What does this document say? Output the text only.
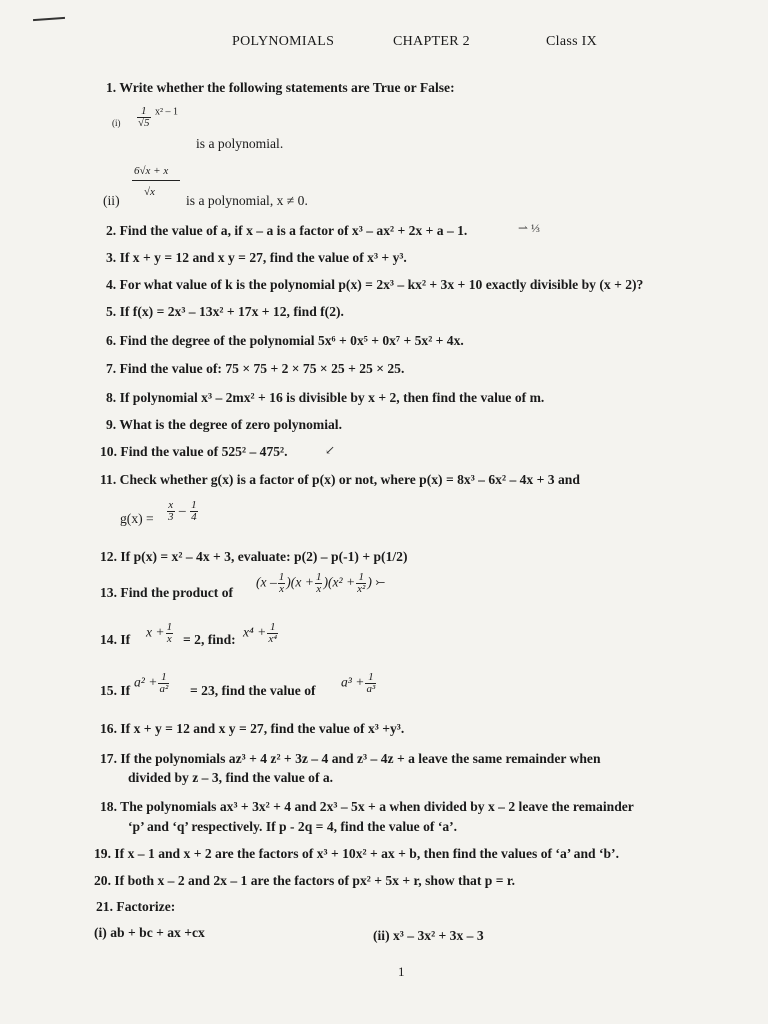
POLYNOMIALS	CHAPTER 2	Class IX
1. Write whether the following statements are True or False:
$(i) \frac{1}{√5} ^{x^2 - 1}$
is a polynomial.
6√x + x
(ii)
√x
is a polynomial, x ≠ 0.
2. Find the value of a, if x – a is a factor of x³ – ax² + 2x + a – 1.	⇀ ⅓
3. If x + y = 12 and x y = 27, find the value of x³ + y³.
4. For what value of k is the polynomial p(x) = 2x³ – kx² + 3x + 10 exactly divisible by (x + 2)?
5. If f(x) = 2x³ – 13x² + 17x + 12, find f(2).
6. Find the degree of the polynomial 5x⁶ + 0x⁵ + 0x⁷ + 5x² + 4x.
7. Find the value of: 75 × 75 + 2 × 75 × 25 + 25 × 25.
8. If polynomial x³ – 2mx² + 16 is divisible by x + 2, then find the value of m.
9. What is the degree of zero polynomial.
10. Find the value of 525² – 475².	↙
11. Check whether g(x) is a factor of p(x) or not, where p(x) = 8x³ – 6x² – 4x + 3 and
$g(x) = \frac{x}{3} - \frac{1}{4}$
12. If p(x) = x² – 4x + 3, evaluate: p(2) – p(-1) + p(1/2)
13. Find the product of
$(x - \frac{1}{x} )(x + \frac{1}{x} )(x^2 + \frac{1}{\text{x²}}$ ) ⤚
14. If $x + \frac{1}{x} = 2$, find: $x^4 + \frac{1}{\text{x⁴}}$
15. If
$a^2 + \frac{1}{\text{a²}} = 23$, find the value of
$a^3 + \frac{1}{\text{a³}}$
16. If x + y = 12 and x y = 27, find the value of x³ +y³.
17. If the polynomials az³ + 4 z² + 3z – 4 and z³ – 4z + a leave the same remainder when
divided by z – 3, find the value of a.
18. The polynomials ax³ + 3x² + 4 and 2x³ – 5x + a when divided by x – 2 leave the remainder
‘p’ and ‘q’ respectively. If p - 2q = 4, find the value of ‘a’.
19. If x – 1 and x + 2 are the factors of x³ + 10x² + ax + b, then find the values of ‘a’ and ‘b’.
20. If both x – 2 and 2x – 1 are the factors of px² + 5x + r, show that p = r.
21. Factorize:
(i) ab + bc + ax +cx	(ii) x³ – 3x² + 3x – 3
1
